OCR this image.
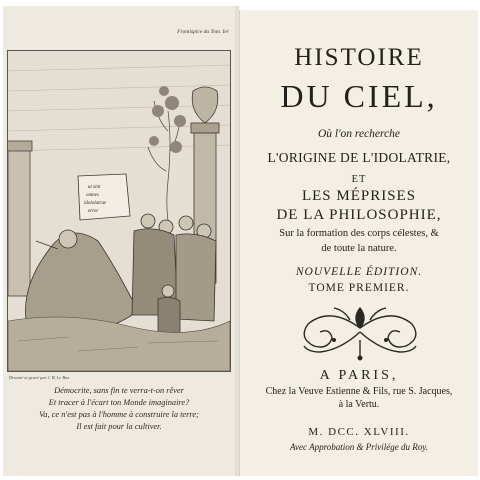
Frontispice du Tom. Ier
ut sint
omnes
idololatrae
error
Dessiné et gravé par J. B. Le Bas
Démocrite, sans fin te verra-t-on rêver
Et tracer à l'écart ton Monde imaginaire?
Va, ce n'est pas à l'homme à construire la terre;
Il est fait pour la cultiver.
HISTOIRE
DU CIEL,
Où l'on recherche
L'ORIGINE DE L'IDOLATRIE,
ET
LES MÉPRISES
DE LA PHILOSOPHIE,
Sur la formation des corps célestes, &
de toute la nature.
NOUVELLE ÉDITION.
TOME PREMIER.
A PARIS,
Chez la Veuve Estienne & Fils, rue S. Jacques,
à la Vertu.
M. DCC. XLVIII.
Avec Approbation & Privilége du Roy.
